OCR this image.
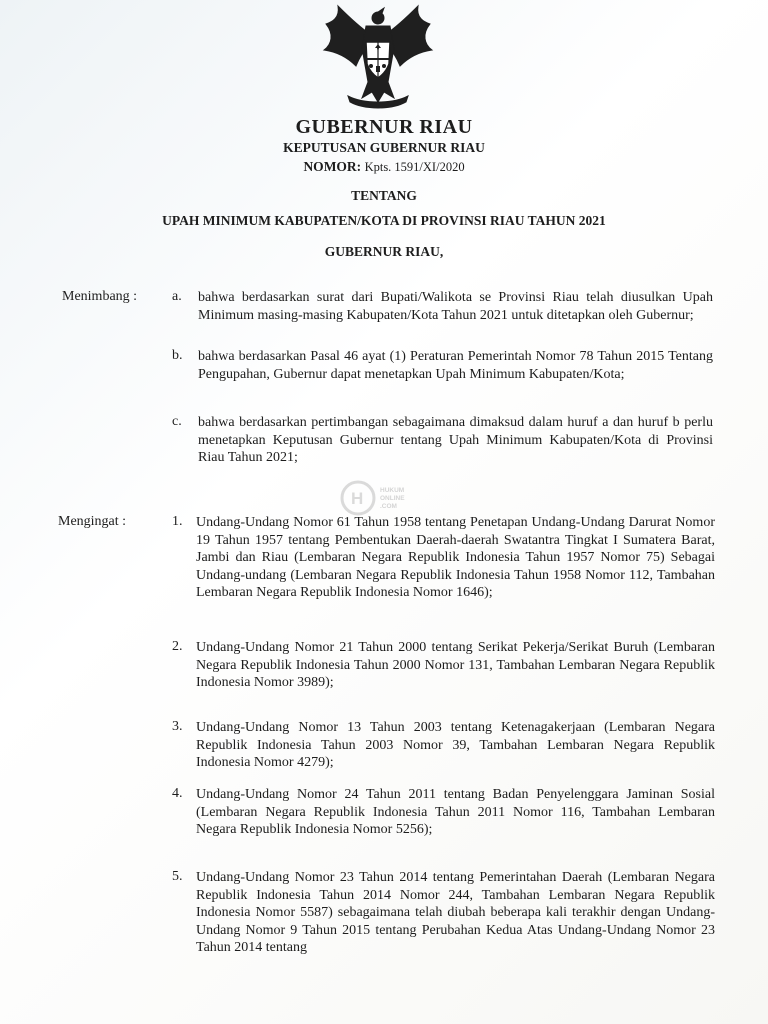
GUBERNUR RIAU
KEPUTUSAN GUBERNUR RIAU
NOMOR: Kpts. 1591/XI/2020
TENTANG
UPAH MINIMUM KABUPATEN/KOTA DI PROVINSI RIAU TAHUN 2021
GUBERNUR RIAU,
Menimbang : a. bahwa berdasarkan surat dari Bupati/Walikota se Provinsi Riau telah diusulkan Upah Minimum masing-masing Kabupaten/Kota Tahun 2021 untuk ditetapkan oleh Gubernur;
b. bahwa berdasarkan Pasal 46 ayat (1) Peraturan Pemerintah Nomor 78 Tahun 2015 Tentang Pengupahan, Gubernur dapat menetapkan Upah Minimum Kabupaten/Kota;
c. bahwa berdasarkan pertimbangan sebagaimana dimaksud dalam huruf a dan huruf b perlu menetapkan Keputusan Gubernur tentang Upah Minimum Kabupaten/Kota di Provinsi Riau Tahun 2021;
H	HUKUM
ONLINE
.COM
Mengingat :	1. Undang-Undang Nomor 61 Tahun 1958 tentang Penetapan Undang-Undang Darurat Nomor 19 Tahun 1957 tentang Pembentukan Daerah-daerah Swatantra Tingkat I Sumatera Barat, Jambi dan Riau (Lembaran Negara Republik Indonesia Tahun 1957 Nomor 75) Sebagai Undang-undang (Lembaran Negara Republik Indonesia Tahun 1958 Nomor 112, Tambahan Lembaran Negara Republik Indonesia Nomor 1646);
2. Undang-Undang Nomor 21 Tahun 2000 tentang Serikat Pekerja/Serikat Buruh (Lembaran Negara Republik Indonesia Tahun 2000 Nomor 131, Tambahan Lembaran Negara Republik Indonesia Nomor 3989);
3. Undang-Undang Nomor 13 Tahun 2003 tentang Ketenagakerjaan (Lembaran Negara Republik Indonesia Tahun 2003 Nomor 39, Tambahan Lembaran Negara Republik Indonesia Nomor 4279);
4. Undang-Undang Nomor 24 Tahun 2011 tentang Badan Penyelenggara Jaminan Sosial (Lembaran Negara Republik Indonesia Tahun 2011 Nomor 116, Tambahan Lembaran Negara Republik Indonesia Nomor 5256);
5. Undang-Undang Nomor 23 Tahun 2014 tentang Pemerintahan Daerah (Lembaran Negara Republik Indonesia Tahun 2014 Nomor 244, Tambahan Lembaran Negara Republik Indonesia Nomor 5587) sebagaimana telah diubah beberapa kali terakhir dengan Undang-Undang Nomor 9 Tahun 2015 tentang Perubahan Kedua Atas Undang-Undang Nomor 23 Tahun 2014 tentang
